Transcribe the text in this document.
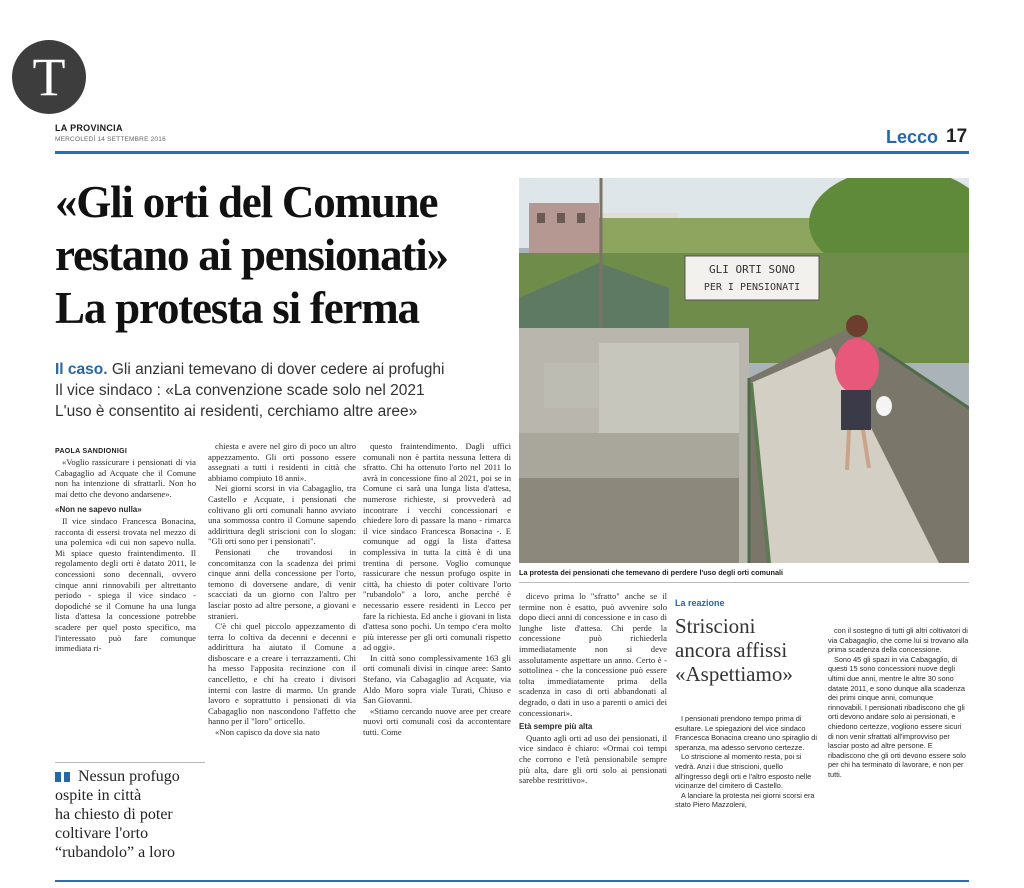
T
LA PROVINCIA
MERCOLEDÌ 14 SETTEMBRE 2016	Lecco 17
«Gli orti del Comune
restano ai pensionati»
La protesta si ferma
Il caso. Gli anziani temevano di dover cedere ai profughi
Il vice sindaco : «La convenzione scade solo nel 2021
L'uso è consentito ai residenti, cerchiamo altre aree»
PAOLA SANDIONIGI

«Voglio rassicurare i pensionati di via Cabagaglio ad Acquate che il Comune non ha intenzione di sfrattarli. Non ho mai detto che devono andarsene».

«Non ne sapevo nulla»

Il vice sindaco Francesca Bonacina, racconta di essersi trovata nel mezzo di una polemica «di cui non sapevo nulla. Mi spiace questo fraintendimento. Il regolamento degli orti è datato 2011, le concessioni sono decennali, ovvero cinque anni rinnovabili per altrettanto periodo - spiega il vice sindaco - dopodiché se il Comune ha una lunga lista d'attesa la concessione potrebbe scadere per quel posto specifico, ma l'interessato può fare comunque immediata ri-

Nessun profugo
ospite in città
ha chiesto di poter
coltivare l'orto
“rubandolo” a loro

chiesta e avere nel giro di poco un altro appezzamento. Gli orti possono essere assegnati a tutti i residenti in città che abbiamo compiuto 18 anni».

Nei giorni scorsi in via Cabagaglio, tra Castello e Acquate, i pensionati che coltivano gli orti comunali hanno avviato una sommossa contro il Comune sapendo addirittura degli striscioni con lo slogan: "Gli orti sono per i pensionati".

Pensionati che trovandosi in concomitanza con la scadenza dei primi cinque anni della concessione per l'orto, temono di doversene andare, di venir scacciati da un giorno con l'altro per lasciar posto ad altre persone, a giovani e stranieri.

C'è chi quel piccolo appezzamento di terra lo coltiva da decenni e decenni e addirittura ha aiutato il Comune a disboscare e a creare i terrazzamenti. Chi ha messo l'apposita recinzione con il cancelletto, e chi ha creato i divisori interni con lastre di marmo. Un grande lavoro e soprattutto i pensionati di via Cabagaglio non nascondono l'affetto che hanno per il "loro" orticello.

«Non capisco da dove sia nato

questo fraintendimento. Dagli uffici comunali non è partita nessuna lettera di sfratto. Chi ha ottenuto l'orto nel 2011 lo avrà in concessione fino al 2021, poi se in Comune ci sarà una lunga lista d'attesa, numerose richieste, si provvederà ad incontrare i vecchi concessionari e chiedere loro di passare la mano - rimarca il vice sindaco Francesca Bonacina -. E comunque ad oggi la lista d'attesa complessiva in tutta la città è di una trentina di persone. Voglio comunque rassicurare che nessun profugo ospite in città, ha chiesto di poter coltivare l'orto "rubandolo" a loro, anche perché è necessario essere residenti in Lecco per fare la richiesta. Ed anche i giovani in lista d'attesa sono pochi. Un tempo c'era molto più interesse per gli orti comunali rispetto ad oggi».

In città sono complessivamente 163 gli orti comunali divisi in cinque aree: Santo Stefano, via Cabagaglio ad Acquate, via Aldo Moro sopra viale Turati, Chiuso e San Giovanni.

«Stiamo cercando nuove aree per creare nuovi orti comunali così da accontentare tutti. Come

GLI ORTI SONO
PER I PENSIONATI
La protesta dei pensionati che temevano di perdere l'uso degli orti comunali

dicevo prima lo "sfratto" anche se il termine non è esatto, può avvenire solo dopo dieci anni di concessione e in caso di lunghe liste d'attesa. Chi perde la concessione può richiederla immediatamente non si deve assolutamente aspettare un anno. Certo è - sottolinea - che la concessione può essere tolta immediatamente prima della scadenza in caso di orti abbandonati al degrado, o dati in uso a parenti o amici dei concessionari».

Età sempre più alta

Quanto agli orti ad uso dei pensionati, il vice sindaco è chiaro: «Ormai coi tempi che corrono e l'età pensionabile sempre più alta, dare gli orti solo ai pensionati sarebbe restrittivo».

La reazione
Striscioni
ancora affissi
«Aspettiamo»

I pensionati prendono tempo prima di esultare. Le spiegazioni del vice sindaco Francesca Bonacina creano uno spiraglio di speranza, ma adesso servono certezze.

Lo striscione al momento resta, poi si vedrà. Anzi i due striscioni, quello all'ingresso degli orti e l'altro esposto nelle vicinanze del cimitero di Castello.

A lanciare la protesta nei giorni scorsi era stato Piero Mazzoleni,

con il sostegno di tutti gli altri coltivatori di via Cabagaglio, che come lui si trovano alla prima scadenza della concessione.

Sono 45 gli spazi in via Cabagaglio, di questi 15 sono concessioni nuove degli ultimi due anni, mentre le altre 30 sono datate 2011, e sono dunque alla scadenza dei primi cinque anni, comunque rinnovabili. I pensionati ribadiscono che gli orti devono andare solo ai pensionati, e chiedono certezze, vogliono essere sicuri di non venir sfrattati all'improvviso per lasciar posto ad altre persone. E ribadiscono che gli orti devono essere solo per chi ha terminato di lavorare, e non per tutti.
